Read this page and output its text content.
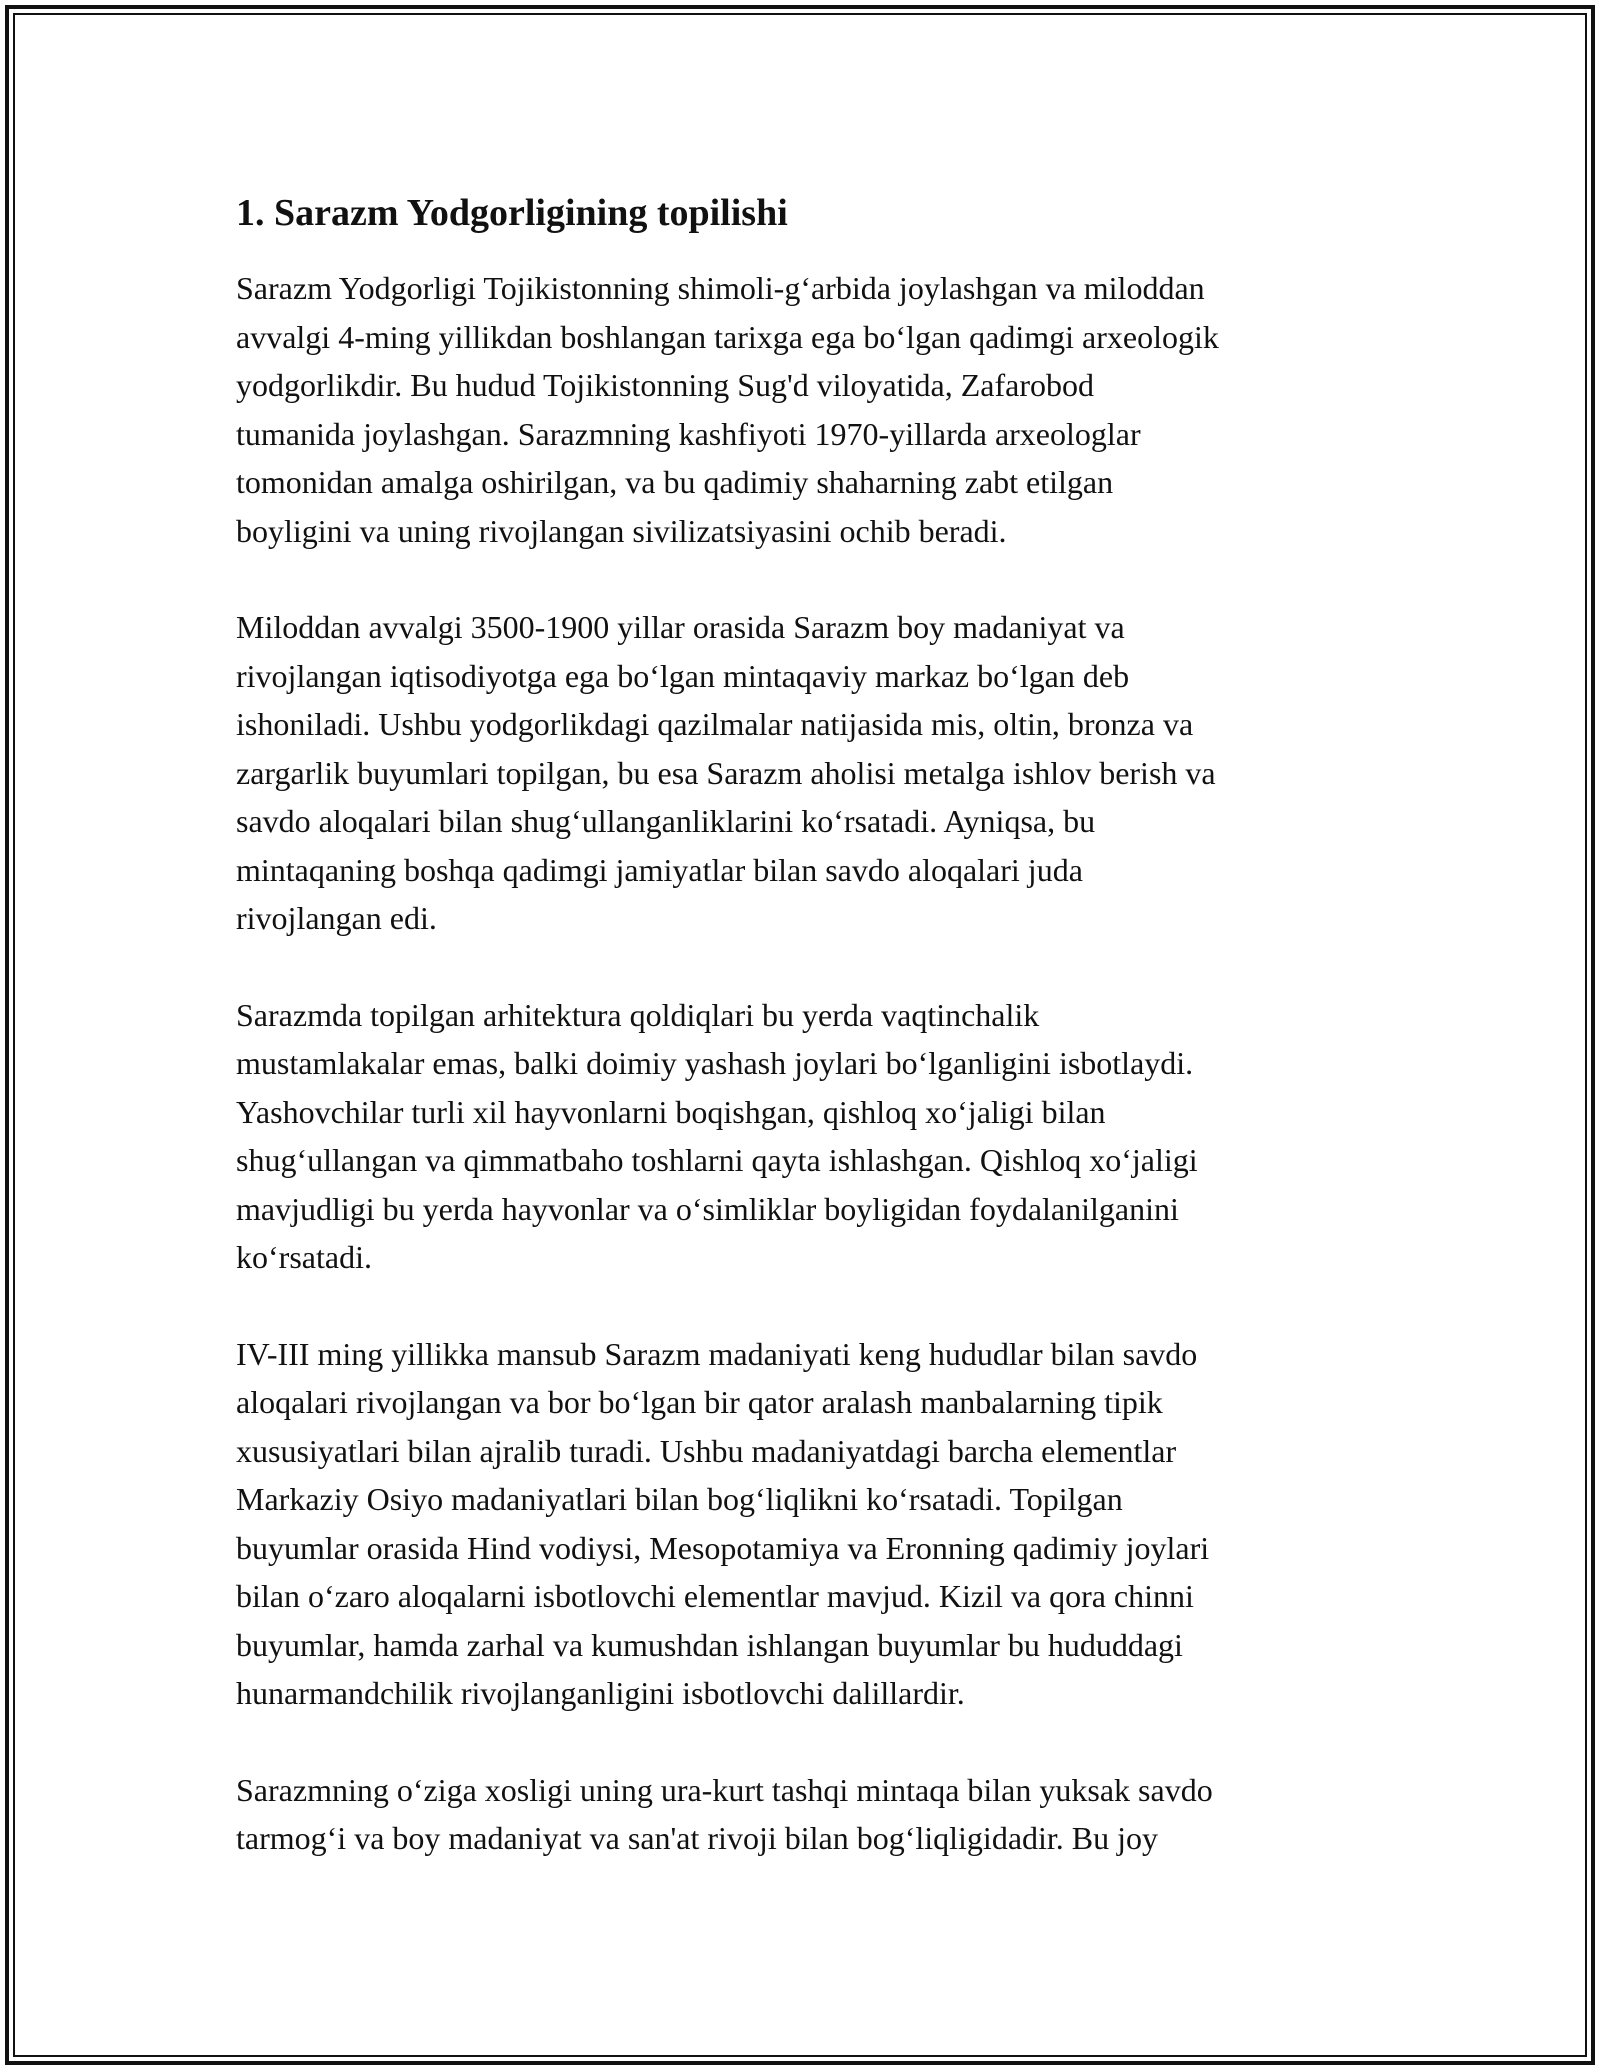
1. Sarazm Yodgorligining topilishi

Sarazm Yodgorligi Tojikistonning shimoli-g‘arbida joylashgan va miloddan
avvalgi 4-ming yillikdan boshlangan tarixga ega bo‘lgan qadimgi arxeologik
yodgorlikdir. Bu hudud Tojikistonning Sug'd viloyatida, Zafarobod
tumanida joylashgan. Sarazmning kashfiyoti 1970-yillarda arxeologlar
tomonidan amalga oshirilgan, va bu qadimiy shaharning zabt etilgan
boyligini va uning rivojlangan sivilizatsiyasini ochib beradi.

Miloddan avvalgi 3500-1900 yillar orasida Sarazm boy madaniyat va
rivojlangan iqtisodiyotga ega bo‘lgan mintaqaviy markaz bo‘lgan deb
ishoniladi. Ushbu yodgorlikdagi qazilmalar natijasida mis, oltin, bronza va
zargarlik buyumlari topilgan, bu esa Sarazm aholisi metalga ishlov berish va
savdo aloqalari bilan shug‘ullanganliklarini ko‘rsatadi. Ayniqsa, bu
mintaqaning boshqa qadimgi jamiyatlar bilan savdo aloqalari juda
rivojlangan edi.

Sarazmda topilgan arhitektura qoldiqlari bu yerda vaqtinchalik
mustamlakalar emas, balki doimiy yashash joylari bo‘lganligini isbotlaydi.
Yashovchilar turli xil hayvonlarni boqishgan, qishloq xo‘jaligi bilan
shug‘ullangan va qimmatbaho toshlarni qayta ishlashgan. Qishloq xo‘jaligi
mavjudligi bu yerda hayvonlar va o‘simliklar boyligidan foydalanilganini
ko‘rsatadi.

IV-III ming yillikka mansub Sarazm madaniyati keng hududlar bilan savdo
aloqalari rivojlangan va bor bo‘lgan bir qator aralash manbalarning tipik
xususiyatlari bilan ajralib turadi. Ushbu madaniyatdagi barcha elementlar
Markaziy Osiyo madaniyatlari bilan bog‘liqlikni ko‘rsatadi. Topilgan
buyumlar orasida Hind vodiysi, Mesopotamiya va Eronning qadimiy joylari
bilan o‘zaro aloqalarni isbotlovchi elementlar mavjud. Kizil va qora chinni
buyumlar, hamda zarhal va kumushdan ishlangan buyumlar bu hududdagi
hunarmandchilik rivojlanganligini isbotlovchi dalillardir.

Sarazmning o‘ziga xosligi uning ura-kurt tashqi mintaqa bilan yuksak savdo
tarmog‘i va boy madaniyat va san'at rivoji bilan bog‘liqligidadir. Bu joy
